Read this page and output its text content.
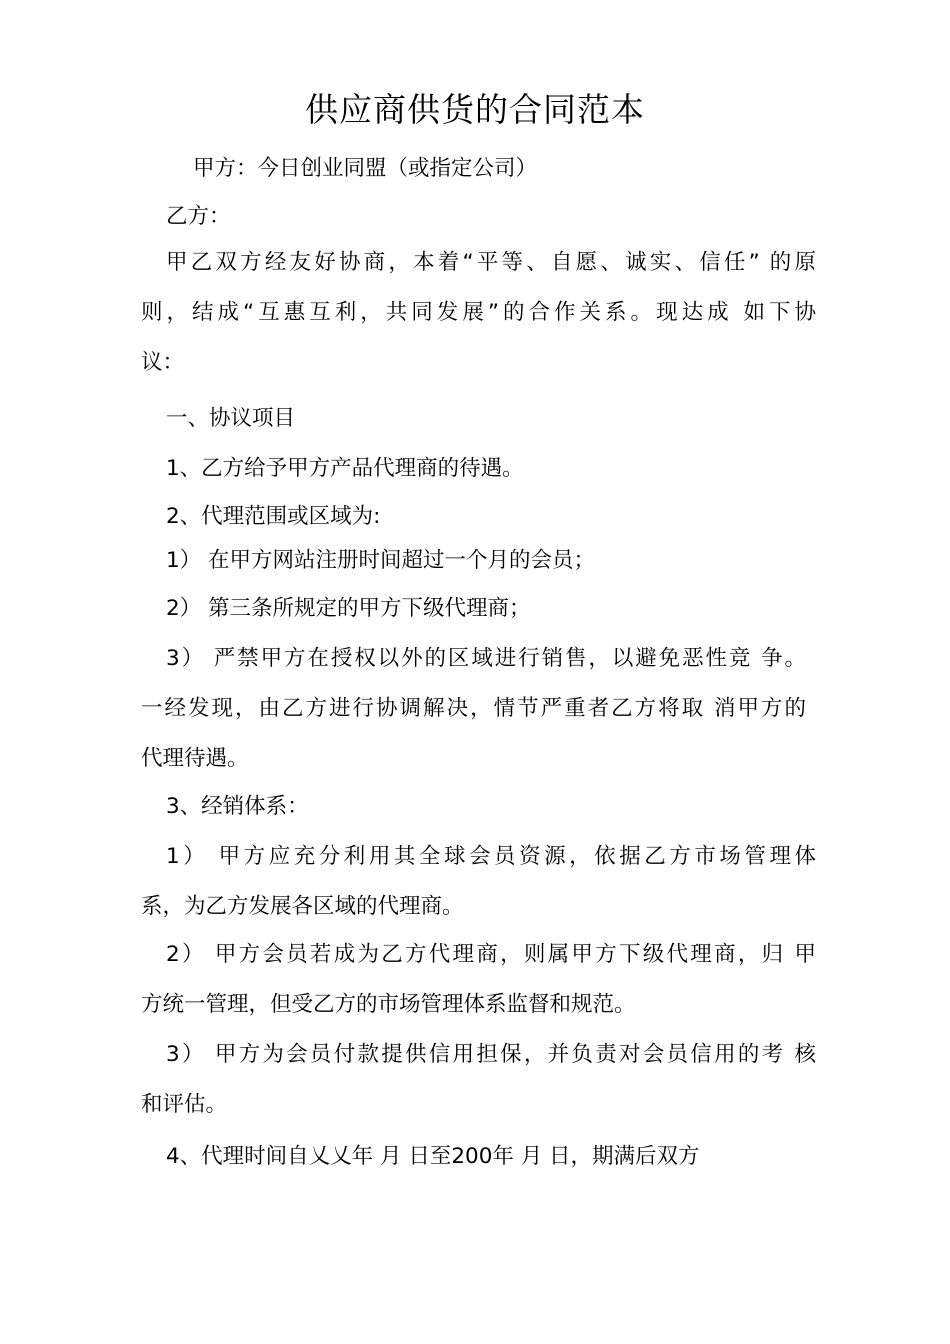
供应商供货的合同范本

甲方：今日创业同盟（或指定公司）

乙方：

甲乙双方经友好协商，本着“平等、自愿、诚实、信任” 的原

则，结成“互惠互利，共同发展”的合作关系。现达成 如下协

议：

一、协议项目

1、乙方给予甲方产品代理商的待遇。

2、代理范围或区域为:

1） 在甲方网站注册时间超过一个月的会员；

2） 第三条所规定的甲方下级代理商；

3） 严禁甲方在授权以外的区域进行销售，以避免恶性竞 争。

一经发现，由乙方进行协调解决，情节严重者乙方将取 消甲方的

代理待遇。

3、经销体系：

1） 甲方应充分利用其全球会员资源，依据乙方市场管理体

系，为乙方发展各区域的代理商。

2） 甲方会员若成为乙方代理商，则属甲方下级代理商，归 甲

方统一管理，但受乙方的市场管理体系监督和规范。

3） 甲方为会员付款提供信用担保，并负责对会员信用的考 核

和评估。

4、代理时间自乂乂年 月 日至200年 月 日，期满后双方
